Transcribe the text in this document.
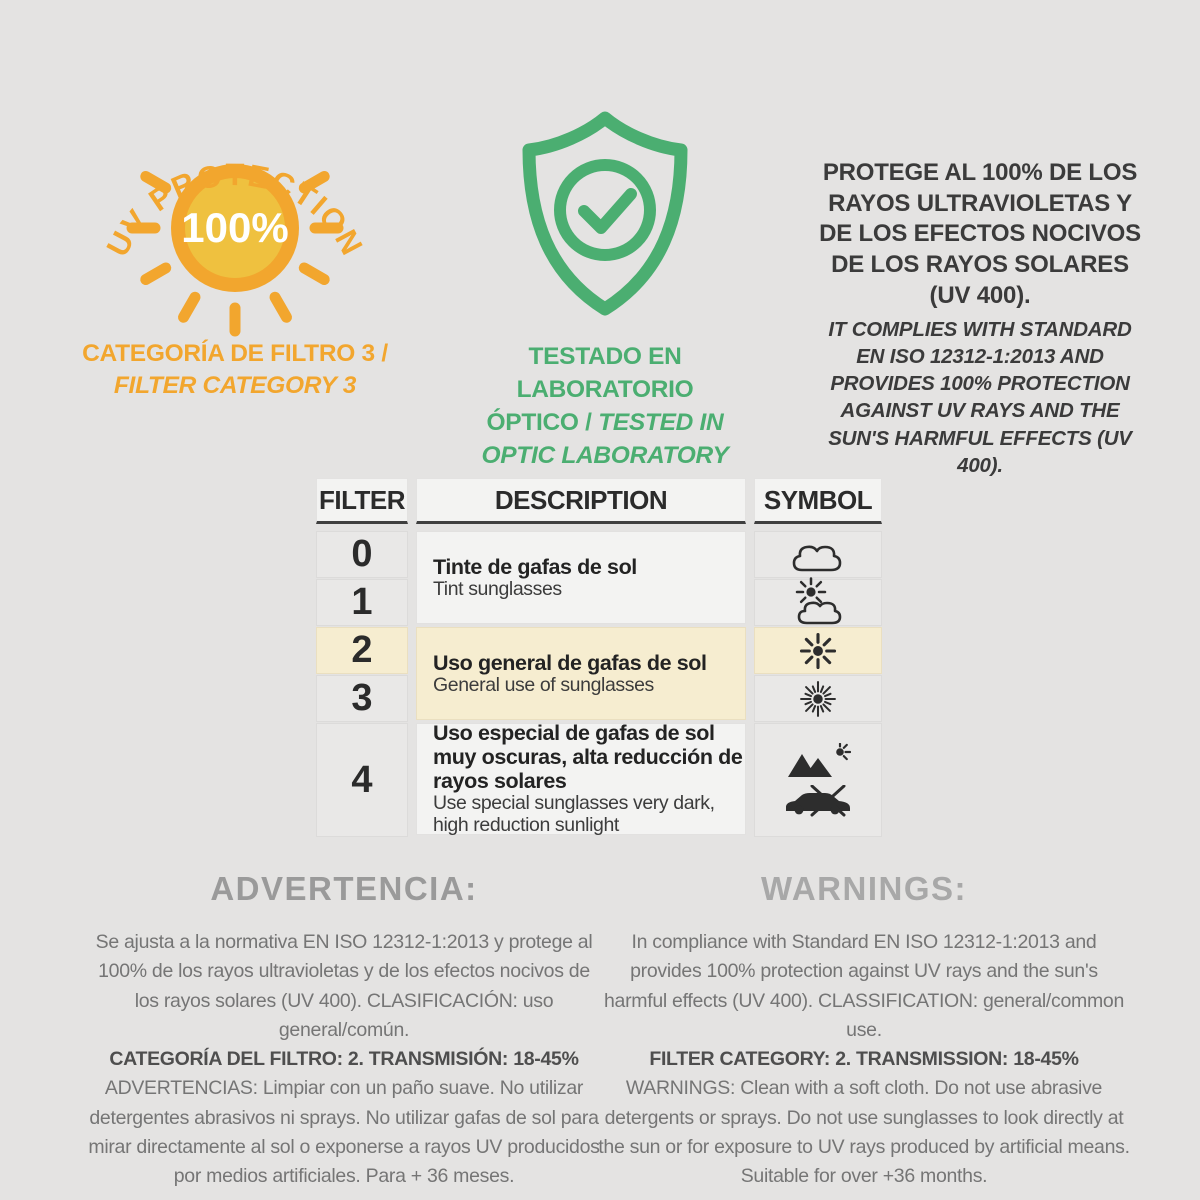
100%
UV PROTECTION
CATEGORÍA DE FILTRO 3 /
FILTER CATEGORY 3
TESTADO EN LABORATORIO
ÓPTICO / TESTED IN
OPTIC LABORATORY

PROTEGE AL 100% DE LOS RAYOS ULTRAVIOLETAS Y DE LOS EFECTOS NOCIVOS DE LOS RAYOS SOLARES (UV 400).

IT COMPLIES WITH STANDARD EN ISO 12312-1:2013 AND PROVIDES 100% PROTECTION AGAINST UV RAYS AND THE SUN'S HARMFUL EFFECTS (UV 400).

FILTER	DESCRIPTION	SYMBOL
0
1
2
3
4
Tinte de gafas de sol
Tint sunglasses
Uso general de gafas de sol
General use of sunglasses
Uso especial de gafas de sol muy oscuras, alta reducción de rayos solares
Use special sunglasses very dark, high reduction sunlight
ADVERTENCIA:

Se ajusta a la normativa EN ISO 12312-1:2013 y protege al 100% de los rayos ultravioletas y de los efectos nocivos de los rayos solares (UV 400). CLASIFICACIÓN: uso general/común.

CATEGORÍA DEL FILTRO: 2. TRANSMISIÓN: 18-45%

ADVERTENCIAS: Limpiar con un paño suave. No utilizar detergentes abrasivos ni sprays. No utilizar gafas de sol para mirar directamente al sol o exponerse a rayos UV producidos por medios artificiales. Para + 36 meses.

WARNINGS:

In compliance with Standard EN ISO 12312-1:2013 and provides 100% protection against UV rays and the sun's harmful effects (UV 400). CLASSIFICATION: general/common use.

FILTER CATEGORY: 2. TRANSMISSION: 18-45%

WARNINGS: Clean with a soft cloth. Do not use abrasive detergents or sprays. Do not use sunglasses to look directly at the sun or for exposure to UV rays produced by artificial means. Suitable for over +36 months.
